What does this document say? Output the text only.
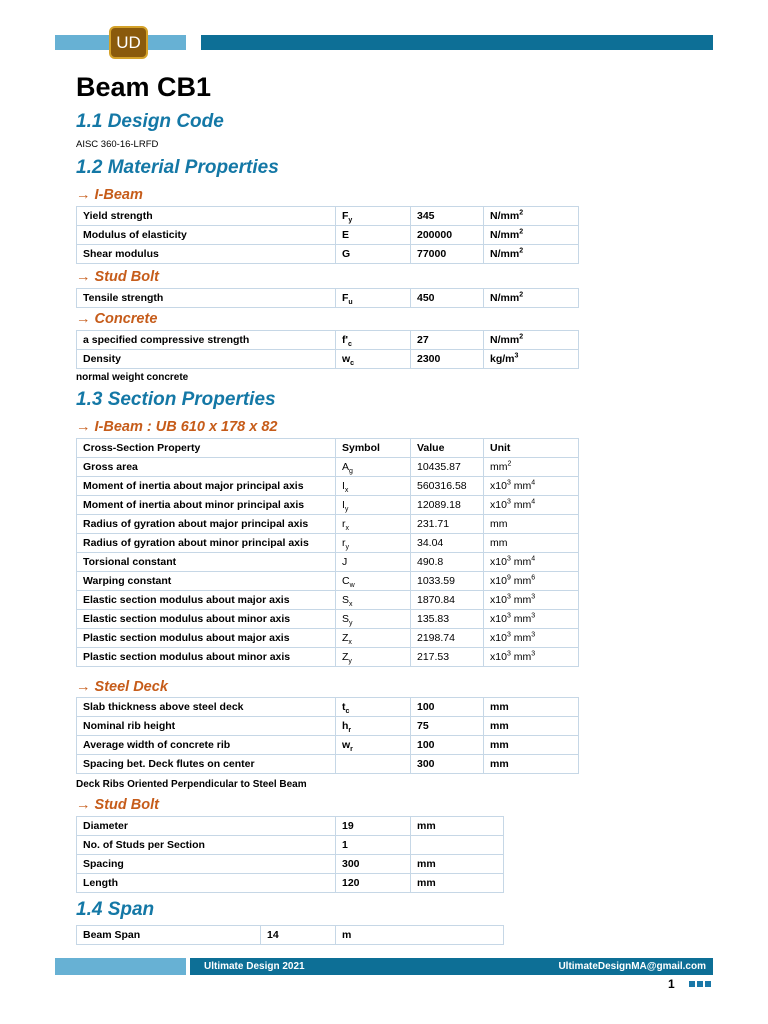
UD
Beam CB1
1.1 Design Code
AISC 360-16-LRFD
1.2 Material Properties
→ I-Beam
Yield strength	$F_y$	345	$N/mm^2$
Modulus of elasticity	E	200000	$N/mm^2$
Shear modulus	G	77000	$N/mm^2$
→ Stud Bolt
Tensile strength	$F_u$	450	$N/mm^2$
→ Concrete
a specified compressive strength	$f'_c$	27	$N/mm^2$
Density	$w_c$	2300	$kg/m^3$
normal weight concrete
1.3 Section Properties
→ I-Beam : UB 610 x 178 x 82
Cross-Section Property	Symbol	Value	Unit
Gross area	$A_g$	10435.87	$mm^2$
Moment of inertia about major principal axis	$I_x$	560316.58	$x10^3$ $mm^4$
Moment of inertia about minor principal axis	$I_y$	12089.18	$x10^3$ $mm^4$
Radius of gyration about major principal axis	$r_x$	231.71	mm
Radius of gyration about minor principal axis	$r_y$	34.04	mm
Torsional constant	J	490.8	$x10^3$ $mm^4$
Warping constant	$C_w$	1033.59	$x10^9$ $mm^6$
Elastic section modulus about major axis	$S_x$	1870.84	$x10^3$ $mm^3$
Elastic section modulus about minor axis	$S_y$	135.83	$x10^3$ $mm^3$
Plastic section modulus about major axis	$Z_x$	2198.74	$x10^3$ $mm^3$
Plastic section modulus about minor axis	$Z_y$	217.53	$x10^3$ $mm^3$
→ Steel Deck
Slab thickness above steel deck	$t_c$	100	mm
Nominal rib height	$h_r$	75	mm
Average width of concrete rib	$w_r$	100	mm
Spacing bet. Deck flutes on center		300	mm
Deck Ribs Oriented Perpendicular to Steel Beam
→ Stud Bolt
Diameter	19	mm
No. of Studs per Section	1	
Spacing	300	mm
Length	120	mm
1.4 Span
Beam Span	14	m
Ultimate Design 2021	UltimateDesignMA@gmail.com
1
